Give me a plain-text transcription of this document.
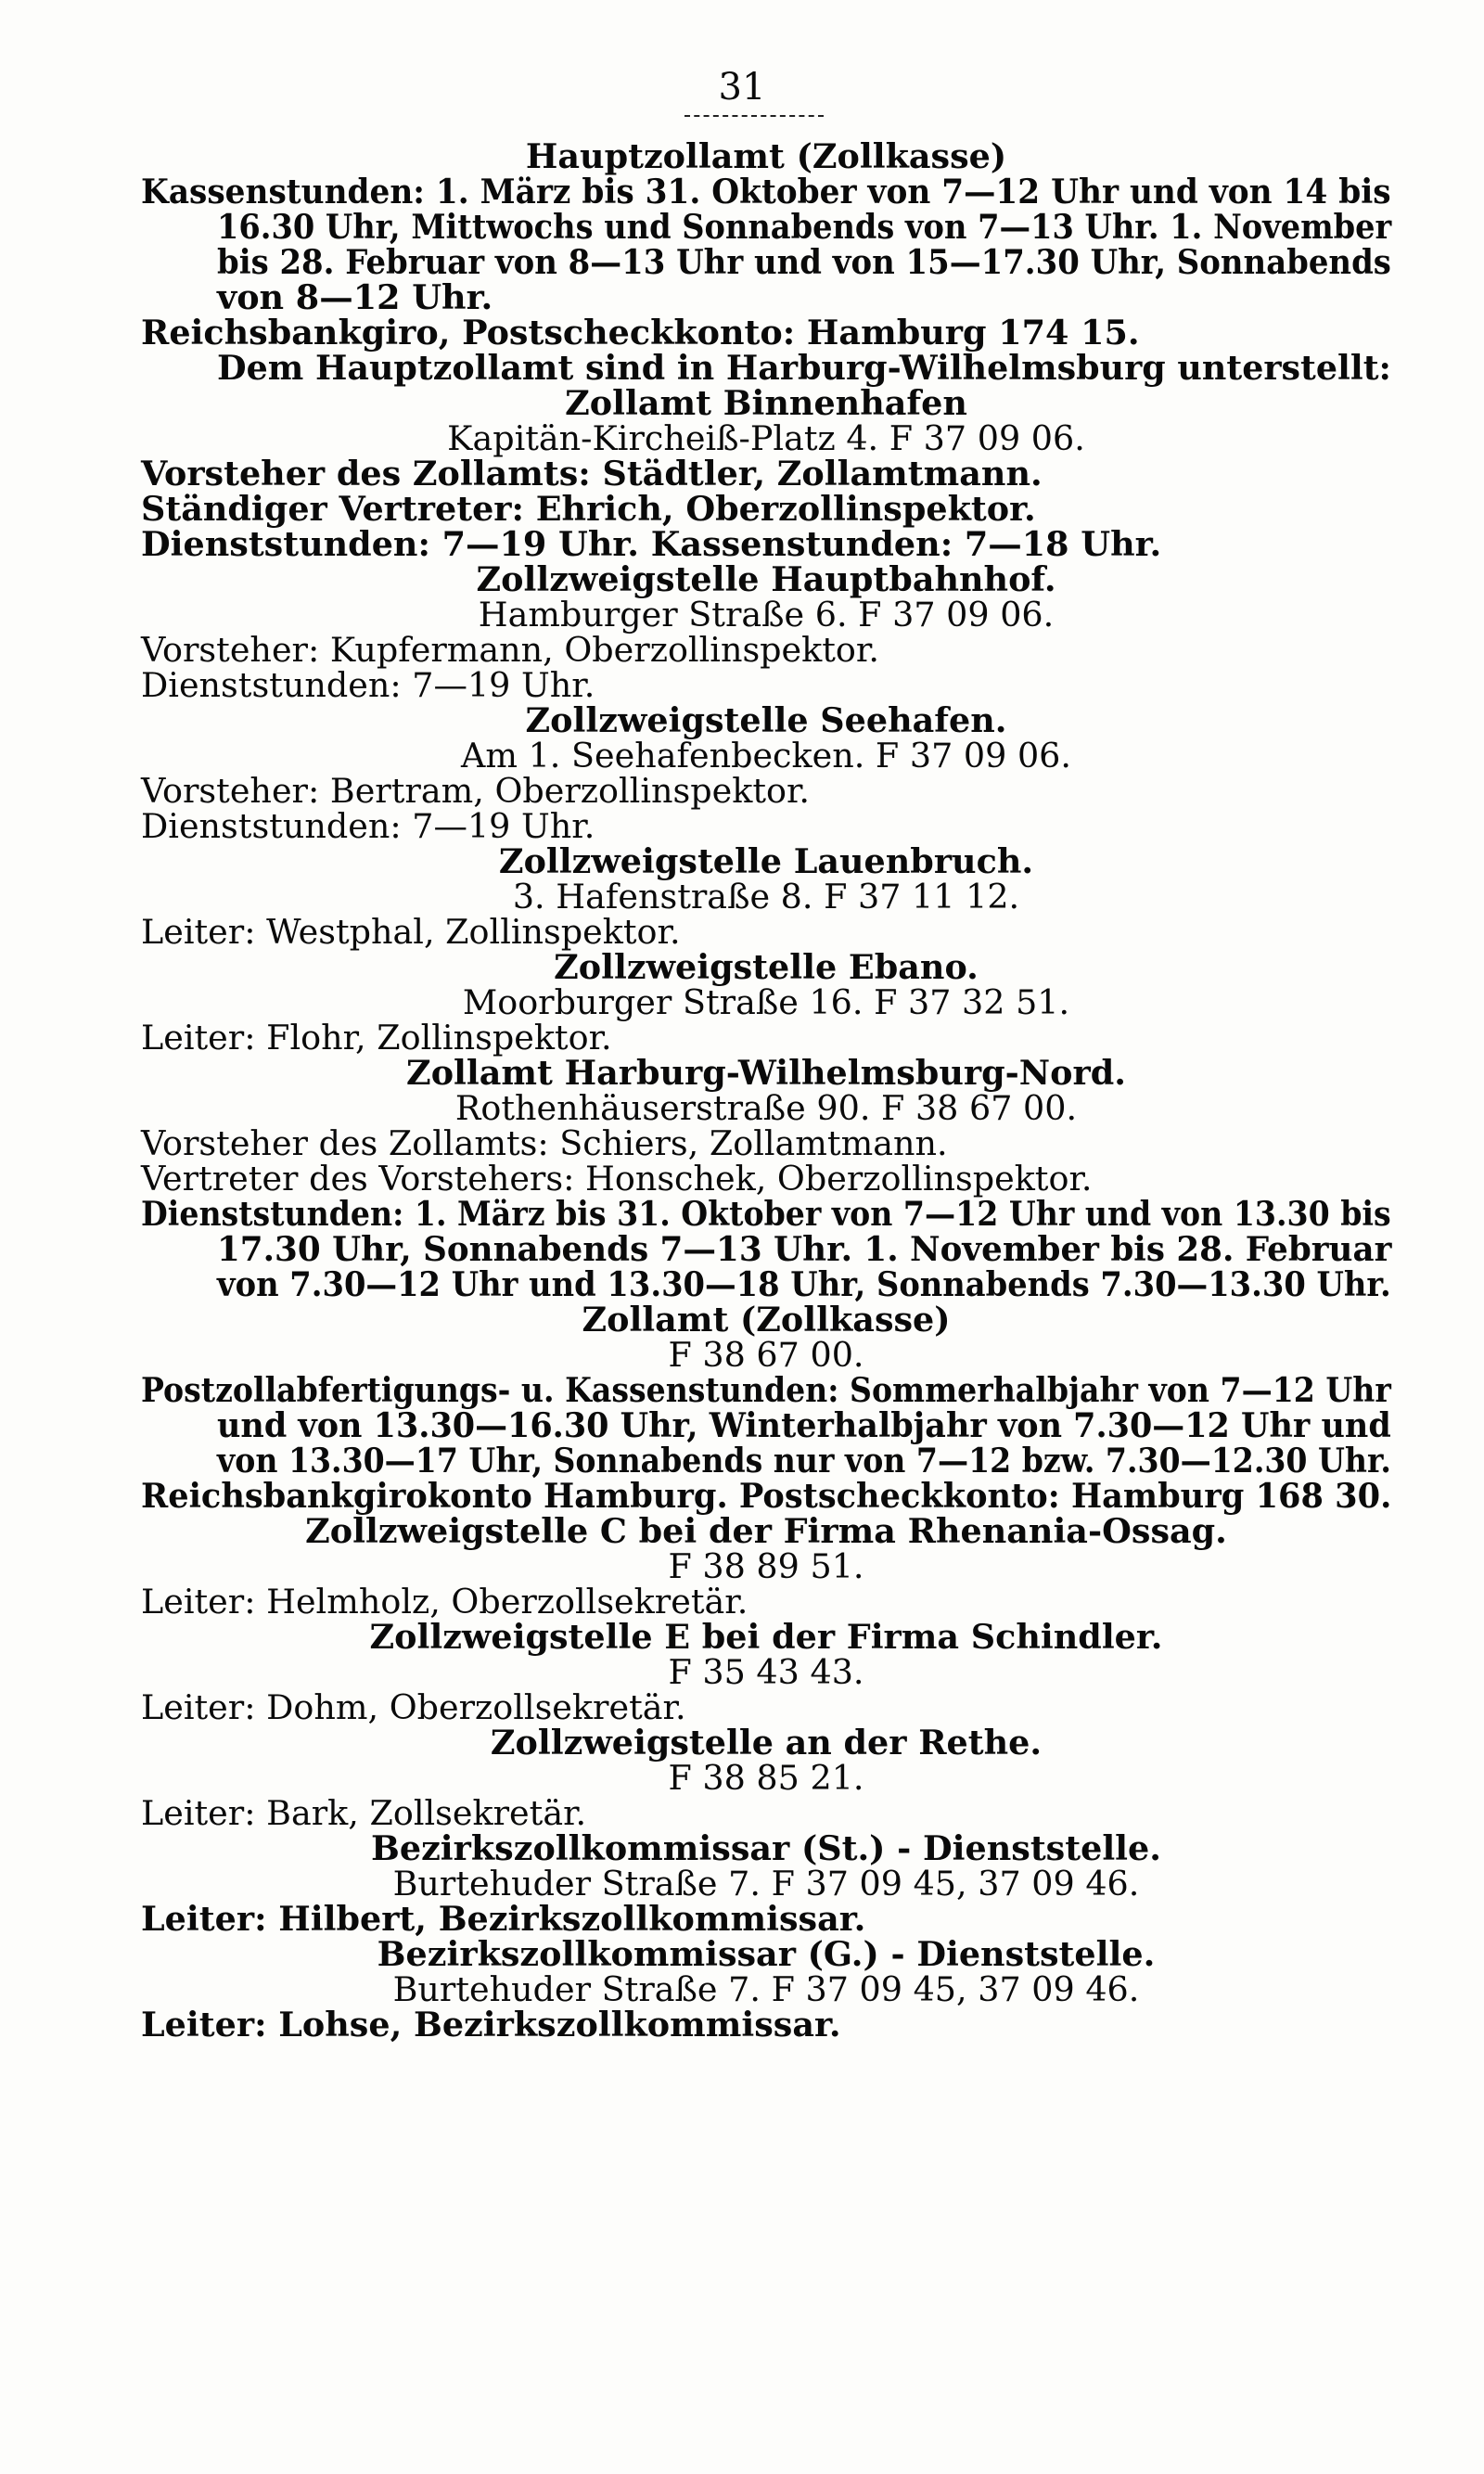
31
Hauptzollamt (Zollkasse)
Kassenstunden: 1. März bis 31. Oktober von 7—12 Uhr und von 14 bis
16.30 Uhr, Mittwochs und Sonnabends von 7—13 Uhr. 1. November
bis 28. Februar von 8—13 Uhr und von 15—17.30 Uhr, Sonnabends
von 8—12 Uhr.
Reichsbankgiro, Postscheckkonto: Hamburg 174 15.
Dem Hauptzollamt sind in Harburg-Wilhelmsburg unterstellt:
Zollamt Binnenhafen
Kapitän-Kircheiß-Platz 4. F 37 09 06.
Vorsteher des Zollamts: Städtler, Zollamtmann.
Ständiger Vertreter: Ehrich, Oberzollinspektor.
Dienststunden: 7—19 Uhr. Kassenstunden: 7—18 Uhr.
Zollzweigstelle Hauptbahnhof.
Hamburger Straße 6. F 37 09 06.
Vorsteher: Kupfermann, Oberzollinspektor.
Dienststunden: 7—19 Uhr.
Zollzweigstelle Seehafen.
Am 1. Seehafenbecken. F 37 09 06.
Vorsteher: Bertram, Oberzollinspektor.
Dienststunden: 7—19 Uhr.
Zollzweigstelle Lauenbruch.
3. Hafenstraße 8. F 37 11 12.
Leiter: Westphal, Zollinspektor.
Zollzweigstelle Ebano.
Moorburger Straße 16. F 37 32 51.
Leiter: Flohr, Zollinspektor.
Zollamt Harburg-Wilhelmsburg-Nord.
Rothenhäuserstraße 90. F 38 67 00.
Vorsteher des Zollamts: Schiers, Zollamtmann.
Vertreter des Vorstehers: Honschek, Oberzollinspektor.
Dienststunden: 1. März bis 31. Oktober von 7—12 Uhr und von 13.30 bis
17.30 Uhr, Sonnabends 7—13 Uhr. 1. November bis 28. Februar
von 7.30—12 Uhr und 13.30—18 Uhr, Sonnabends 7.30—13.30 Uhr.
Zollamt (Zollkasse)
F 38 67 00.
Postzollabfertigungs- u. Kassenstunden: Sommerhalbjahr von 7—12 Uhr
und von 13.30—16.30 Uhr, Winterhalbjahr von 7.30—12 Uhr und
von 13.30—17 Uhr, Sonnabends nur von 7—12 bzw. 7.30—12.30 Uhr.
Reichsbankgirokonto Hamburg. Postscheckkonto: Hamburg 168 30.
Zollzweigstelle C bei der Firma Rhenania-Ossag.
F 38 89 51.
Leiter: Helmholz, Oberzollsekretär.
Zollzweigstelle E bei der Firma Schindler.
F 35 43 43.
Leiter: Dohm, Oberzollsekretär.
Zollzweigstelle an der Rethe.
F 38 85 21.
Leiter: Bark, Zollsekretär.
Bezirkszollkommissar (St.) - Dienststelle.
Burtehuder Straße 7. F 37 09 45, 37 09 46.
Leiter: Hilbert, Bezirkszollkommissar.
Bezirkszollkommissar (G.) - Dienststelle.
Burtehuder Straße 7. F 37 09 45, 37 09 46.
Leiter: Lohse, Bezirkszollkommissar.
